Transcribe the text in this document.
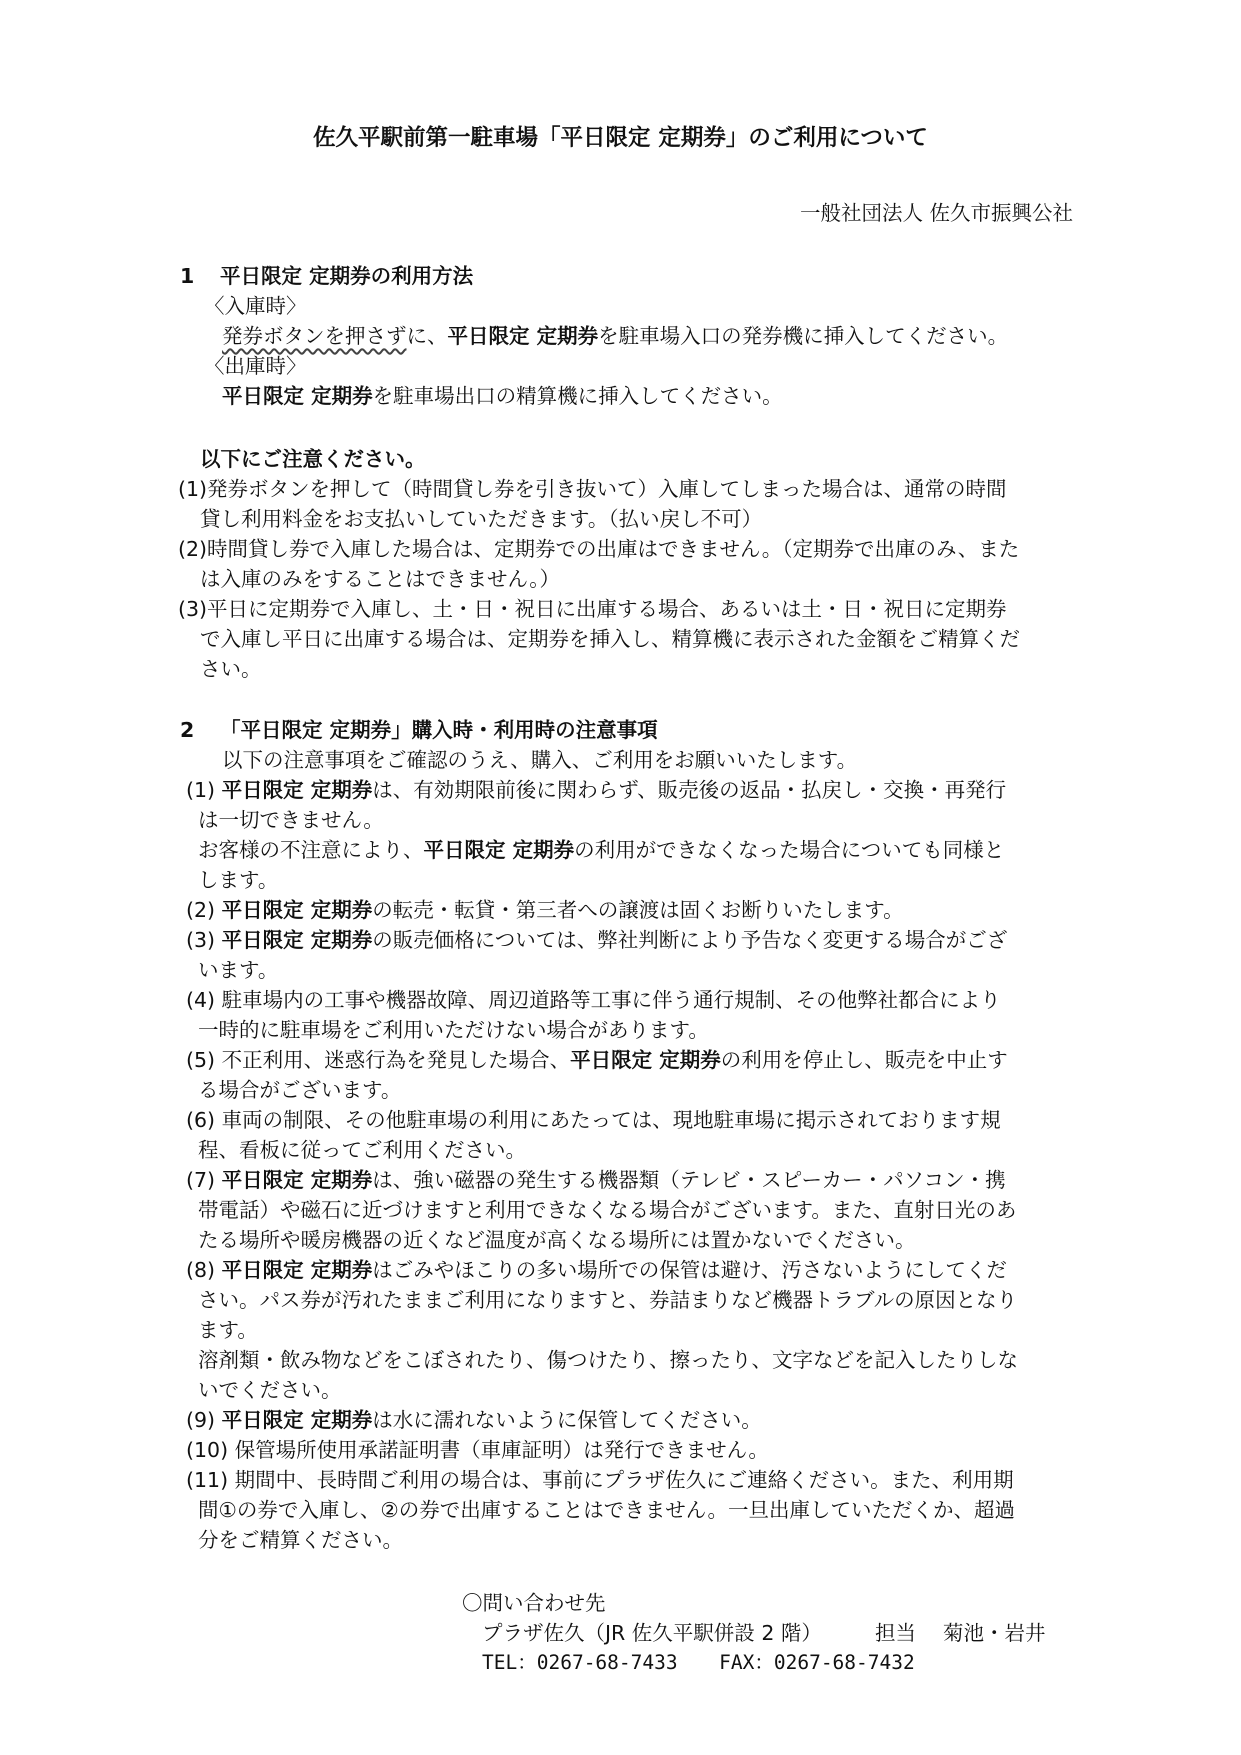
佐久平駅前第一駐車場「平日限定 定期券」のご利用について
一般社団法人 佐久市振興公社
1 平日限定 定期券の利用方法
〈入庫時〉
発券ボタンを押さずに、平日限定 定期券を駐車場入口の発券機に挿入してください。
〈出庫時〉
平日限定 定期券を駐車場出口の精算機に挿入してください。
以下にご注意ください。
(1)発券ボタンを押して（時間貸し券を引き抜いて）入庫してしまった場合は、通常の時間
貸し利用料金をお支払いしていただきます。（払い戻し不可）
(2)時間貸し券で入庫した場合は、定期券での出庫はできません。（定期券で出庫のみ、また
は入庫のみをすることはできません。）
(3)平日に定期券で入庫し、土・日・祝日に出庫する場合、あるいは土・日・祝日に定期券
で入庫し平日に出庫する場合は、定期券を挿入し、精算機に表示された金額をご精算くだ
さい。
2 「平日限定 定期券」購入時・利用時の注意事項
以下の注意事項をご確認のうえ、購入、ご利用をお願いいたします。
(1) 平日限定 定期券は、有効期限前後に関わらず、販売後の返品・払戻し・交換・再発行
は一切できません。
お客様の不注意により、平日限定 定期券の利用ができなくなった場合についても同様と
します。
(2) 平日限定 定期券の転売・転貸・第三者への譲渡は固くお断りいたします。
(3) 平日限定 定期券の販売価格については、弊社判断により予告なく変更する場合がござ
います。
(4) 駐車場内の工事や機器故障、周辺道路等工事に伴う通行規制、その他弊社都合により
一時的に駐車場をご利用いただけない場合があります。
(5) 不正利用、迷惑行為を発見した場合、平日限定 定期券の利用を停止し、販売を中止す
る場合がございます。
(6) 車両の制限、その他駐車場の利用にあたっては、現地駐車場に掲示されております規
程、看板に従ってご利用ください。
(7) 平日限定 定期券は、強い磁器の発生する機器類（テレビ・スピーカー・パソコン・携
帯電話）や磁石に近づけますと利用できなくなる場合がございます。また、直射日光のあ
たる場所や暖房機器の近くなど温度が高くなる場所には置かないでください。
(8) 平日限定 定期券はごみやほこりの多い場所での保管は避け、汚さないようにしてくだ
さい。パス券が汚れたままご利用になりますと、券詰まりなど機器トラブルの原因となり
ます。
溶剤類・飲み物などをこぼされたり、傷つけたり、擦ったり、文字などを記入したりしな
いでください。
(9) 平日限定 定期券は水に濡れないように保管してください。
(10) 保管場所使用承諾証明書（車庫証明）は発行できません。
(11) 期間中、長時間ご利用の場合は、事前にプラザ佐久にご連絡ください。また、利用期
間①の券で入庫し、②の券で出庫することはできません。一旦出庫していただくか、超過
分をご精算ください。
〇問い合わせ先
プラザ佐久（JR 佐久平駅併設 2 階）	担当 菊池・岩井
TEL：0267-68-7433 FAX：0267-68-7432
